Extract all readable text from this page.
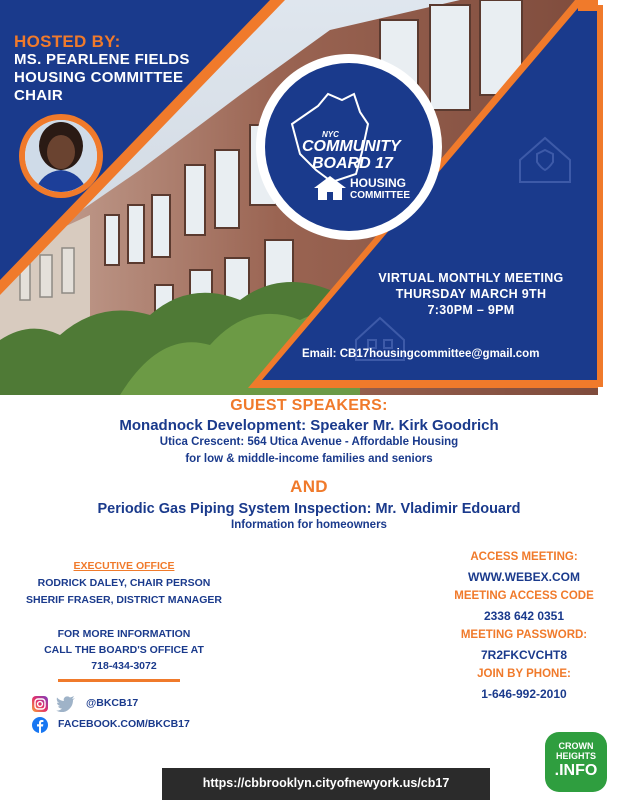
HOSTED BY:
MS. PEARLENE FIELDS
HOUSING COMMITTEE
CHAIR
NYC
COMMUNITY
BOARD 17
HOUSING
COMMITTEE
VIRTUAL MONTHLY MEETING
THURSDAY MARCH 9TH
7:30PM – 9PM
Email: CB17housingcommittee@gmail.com
GUEST SPEAKERS:
Monadnock Development: Speaker Mr. Kirk Goodrich
Utica Crescent: 564 Utica Avenue - Affordable Housing
for low & middle-income families and seniors
AND
Periodic Gas Piping System Inspection: Mr. Vladimir Edouard
Information for homeowners
EXECUTIVE OFFICE
RODRICK DALEY, CHAIR PERSON
SHERIF FRASER, DISTRICT MANAGER
FOR MORE INFORMATION
CALL THE BOARD'S OFFICE AT
718-434-3072
@BKCB17
FACEBOOK.COM/BKCB17
ACCESS MEETING:
WWW.WEBEX.COM
MEETING ACCESS CODE
2338 642 0351
MEETING PASSWORD:
7R2FKCVCHT8
JOIN BY PHONE:
1-646-992-2010
https://cbbrooklyn.cityofnewyork.us/cb17
CROWN
HEIGHTS
.INFO
